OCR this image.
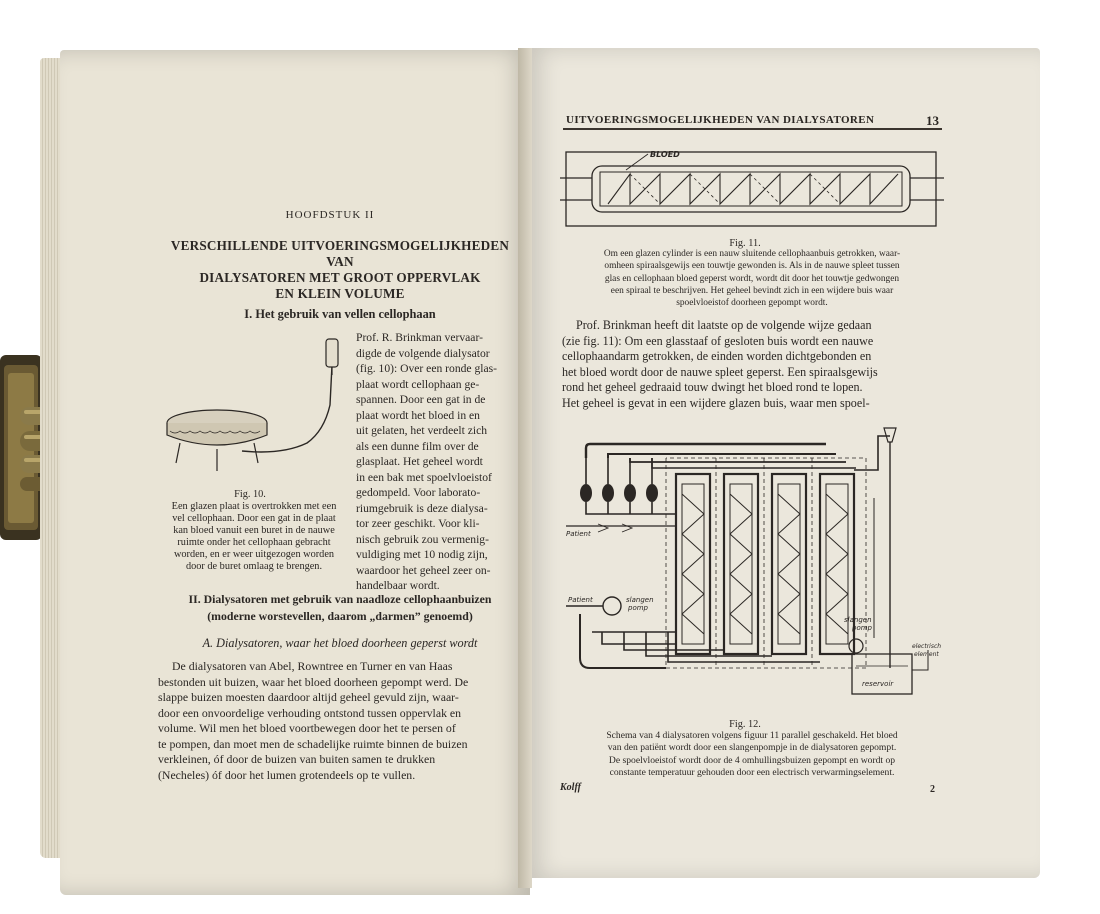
HOOFDSTUK II
VERSCHILLENDE UITVOERINGSMOGELIJKHEDEN VAN
DIALYSATOREN MET GROOT OPPERVLAK
EN KLEIN VOLUME
I. Het gebruik van vellen cellophaan
Fig. 10.
Een glazen plaat is overtrokken met een
vel cellophaan. Door een gat in de plaat
kan bloed vanuit een buret in de nauwe
ruimte onder het cellophaan gebracht
worden, en er weer uitgezogen worden
door de buret omlaag te brengen.
Prof. R. Brinkman vervaar-
digde de volgende dialysator
(fig. 10): Over een ronde glas-
plaat wordt cellophaan ge-
spannen. Door een gat in de
plaat wordt het bloed in en
uit gelaten, het verdeelt zich
als een dunne film over de
glasplaat. Het geheel wordt
in een bak met spoelvloeistof
gedompeld. Voor laborato-
riumgebruik is deze dialysa-
tor zeer geschikt. Voor kli-
nisch gebruik zou vermenig-
vuldiging met 10 nodig zijn,
waardoor het geheel zeer on-
handelbaar wordt.
II. Dialysatoren met gebruik van naadloze cellophaanbuizen
(moderne worstevellen, daarom „darmen” genoemd)
A. Dialysatoren, waar het bloed doorheen geperst wordt
De dialysatoren van Abel, Rowntree en Turner en van Haas
bestonden uit buizen, waar het bloed doorheen gepompt werd. De
slappe buizen moesten daardoor altijd geheel gevuld zijn, waar-
door een onvoordelige verhouding ontstond tussen oppervlak en
volume. Wil men het bloed voortbewegen door het te persen of
te pompen, dan moet men de schadelijke ruimte binnen de buizen
verkleinen, óf door de buizen van buiten samen te drukken
(Necheles) óf door het lumen grotendeels op te vullen.
UITVOERINGSMOGELIJKHEDEN VAN DIALYSATOREN	13
BLOED
Fig. 11.
Om een glazen cylinder is een nauw sluitende cellophaanbuis getrokken, waar-
omheen spiraalsgewijs een touwtje gewonden is. Als in de nauwe spleet tussen
glas en cellophaan bloed geperst wordt, wordt dit door het touwtje gedwongen
een spiraal te beschrijven. Het geheel bevindt zich in een wijdere buis waar
spoelvloeistof doorheen gepompt wordt.
Prof. Brinkman heeft dit laatste op de volgende wijze gedaan
(zie fig. 11): Om een glasstaaf of gesloten buis wordt een nauwe
cellophaandarm getrokken, de einden worden dichtgebonden en
het bloed wordt door de nauwe spleet geperst. Een spiraalsgewijs
rond het geheel gedraaid touw dwingt het bloed rond te lopen.
Het geheel is gevat in een wijdere glazen buis, waar men spoel-
Patient
slangen
pomp
reservoir
electrisch
element
Patient	slangen
pomp
Fig. 12.
Schema van 4 dialysatoren volgens figuur 11 parallel geschakeld. Het bloed
van den patiënt wordt door een slangenpompje in de dialysatoren gepompt.
De spoelvloeistof wordt door de 4 omhullingsbuizen gepompt en wordt op
constante temperatuur gehouden door een electrisch verwarmingselement.
Kolff	2
